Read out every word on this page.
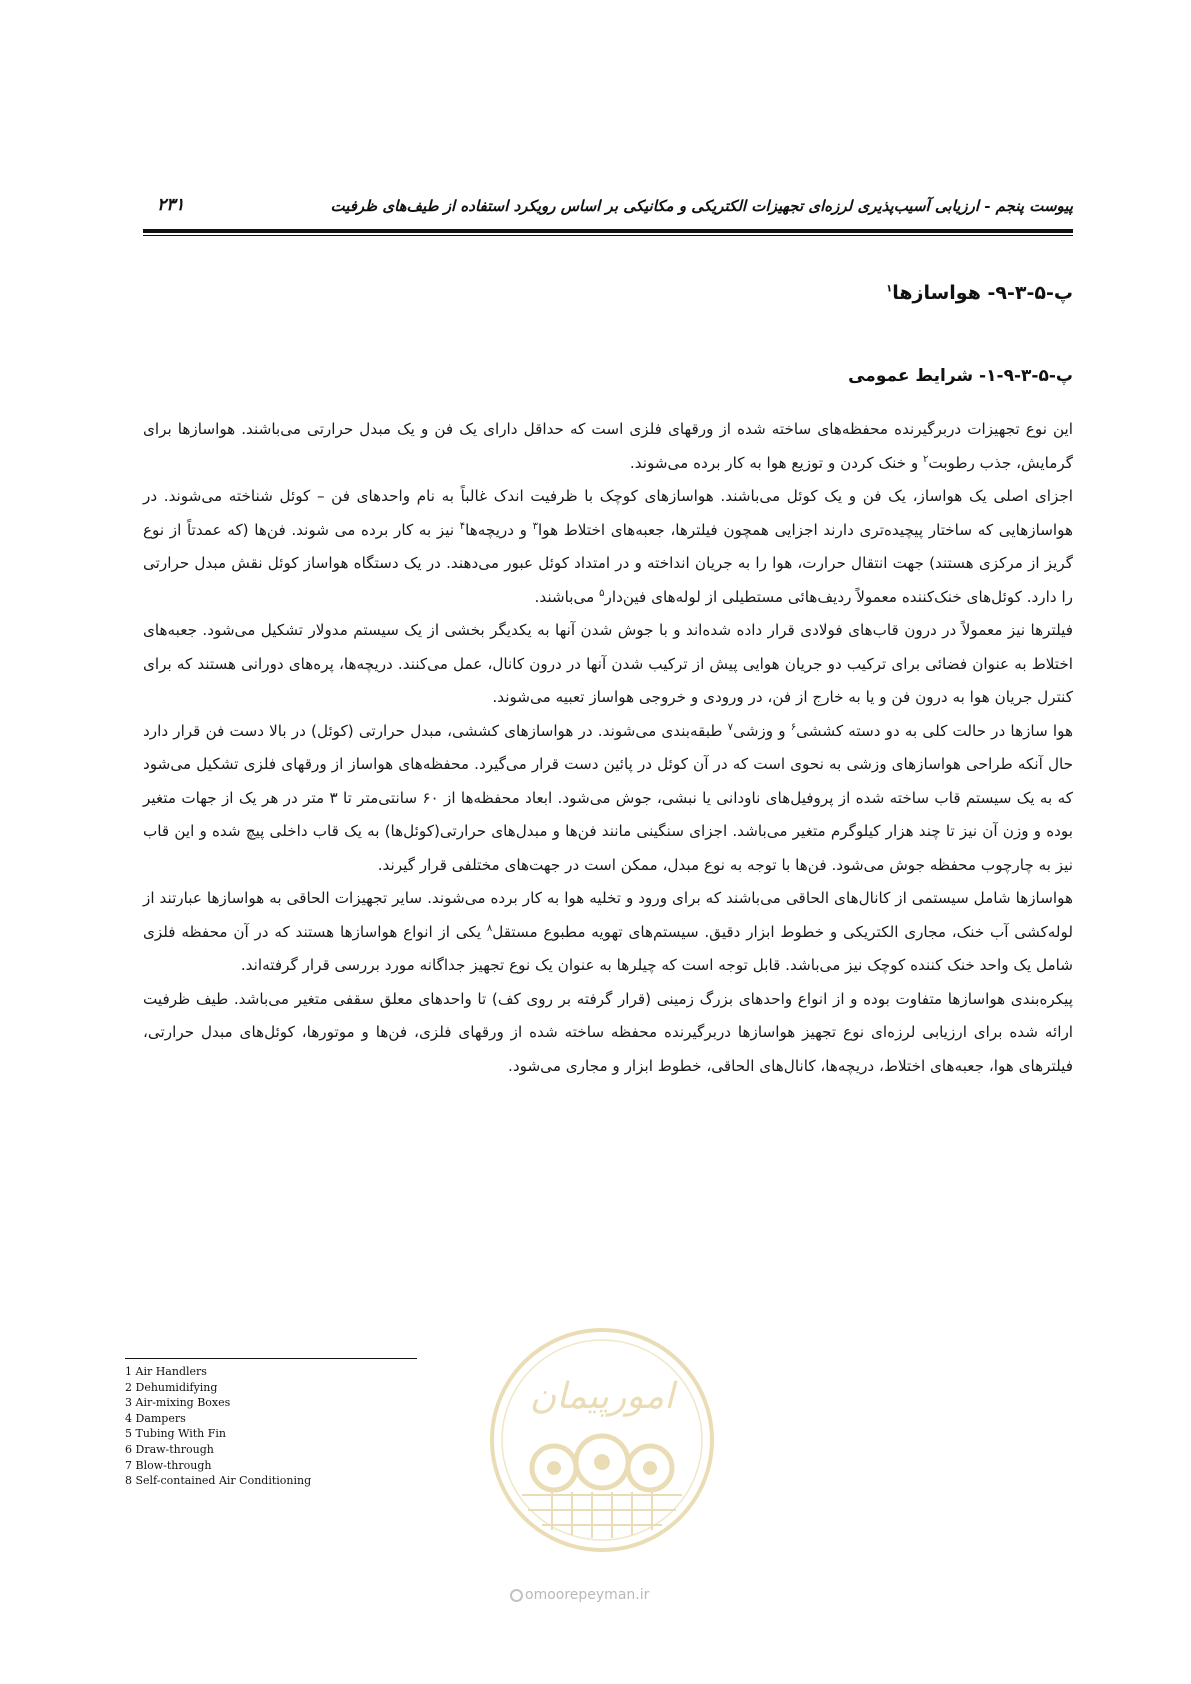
پیوست پنجم - ارزیابی آسیب‌پذیری لرزه‌ای تجهیزات الکتریکی و مکانیکی بر اساس رویکرد استفاده از طیف‌های ظرفیت
۲۳۱
پ-۵-۳-۹- هواسازها$^۱$
پ-۵-۳-۹-۱- شرایط عمومی

این نوع تجهیزات دربرگیرنده محفظه‌های ساخته شده از ورقهای فلزی است که حداقل دارای یک فن و یک مبدل حرارتی می‌باشند. هواسازها برای گرمایش، جذب رطوبت$^۲$ و خنک کردن و توزیع هوا به کار برده می‌شوند.

اجزای اصلی یک هواساز، یک فن و یک کوئل می‌باشند. هواسازهای کوچک با ظرفیت اندک غالباً به نام واحدهای فن – کوئل شناخته می‌شوند. در هواسازهایی که ساختار پیچیده‌تری دارند اجزایی همچون فیلترها، جعبه‌های اختلاط هوا$^۳$ و دریچه‌ها$^۴$ نیز به کار برده می شوند. فن‌ها (که عمدتاً از نوع گریز از مرکزی هستند) جهت انتقال حرارت، هوا را به جریان انداخته و در امتداد کوئل عبور می‌دهند. در یک دستگاه هواساز کوئل نقش مبدل حرارتی را دارد. کوئل‌های خنک‌کننده معمولاً ردیف‌هائی مستطیلی از لوله‌های فین‌دار$^۵$ می‌باشند.

فیلترها نیز معمولاً در درون قاب‌های فولادی قرار داده شده‌اند و با جوش شدن آنها به یکدیگر بخشی از یک سیستم مدولار تشکیل می‌شود. جعبه‌های اختلاط به عنوان فضائی برای ترکیب دو جریان هوایی پیش از ترکیب شدن آنها در درون کانال، عمل می‌کنند. دریچه‌ها، پره‌های دورانی هستند که برای کنترل جریان هوا به درون فن و یا به خارج از فن، در ورودی و خروجی هواساز تعبیه می‌شوند.

هوا سازها در حالت کلی به دو دسته کششی$^۶$ و وزشی$^۷$ طبقه‌بندی می‌شوند. در هواسازهای کششی، مبدل حرارتی (کوئل) در بالا دست فن قرار دارد حال آنکه طراحی هواسازهای وزشی به نحوی است که در آن کوئل در پائین دست قرار می‌گیرد. محفظه‌های هواساز از ورقهای فلزی تشکیل می‌شود که به یک سیستم قاب ساخته شده از پروفیل‌های ناودانی یا نبشی، جوش می‌شود. ابعاد محفظه‌ها از ۶۰ سانتی‌متر تا ۳ متر در هر یک از جهات متغیر بوده و وزن آن نیز تا چند هزار کیلوگرم متغیر می‌باشد. اجزای سنگینی مانند فن‌ها و مبدل‌های حرارتی(کوئل‌ها) به یک قاب داخلی پیچ شده و این قاب نیز به چارچوب محفظه جوش می‌شود. فن‌ها با توجه به نوع مبدل، ممکن است در جهت‌های مختلفی قرار گیرند.

هواسازها شامل سیستمی از کانال‌های الحاقی می‌باشند که برای ورود و تخلیه هوا به کار برده می‌شوند. سایر تجهیزات الحاقی به هواسازها عبارتند از لوله‌کشی آب خنک، مجاری الکتریکی و خطوط ابزار دقیق. سیستم‌های تهویه مطبوع مستقل$^۸$ یکی از انواع هواسازها هستند که در آن محفظه فلزی شامل یک واحد خنک کننده کوچک نیز می‌باشد. قابل توجه است که چیلرها به عنوان یک نوع تجهیز جداگانه مورد بررسی قرار گرفته‌اند.

پیکره‌بندی هواسازها متفاوت بوده و از انواع واحدهای بزرگ زمینی (قرار گرفته بر روی کف) تا واحدهای معلق سقفی متغیر می‌باشد. طیف ظرفیت ارائه شده برای ارزیابی لرزه‌ای نوع تجهیز هواسازها دربرگیرنده محفظه ساخته شده از ورقهای فلزی، فن‌ها و موتورها، کوئل‌های مبدل حرارتی، فیلترهای هوا، جعبه‌های اختلاط، دریچه‌ها، کانال‌های الحاقی، خطوط ابزار و مجاری می‌شود.

1 Air Handlers
2 Dehumidifying
3 Air-mixing Boxes
4 Dampers
5 Tubing With Fin
6 Draw-through
7 Blow-through
8 Self-contained Air Conditioning
امورپیمان
omoorepeyman.ir
